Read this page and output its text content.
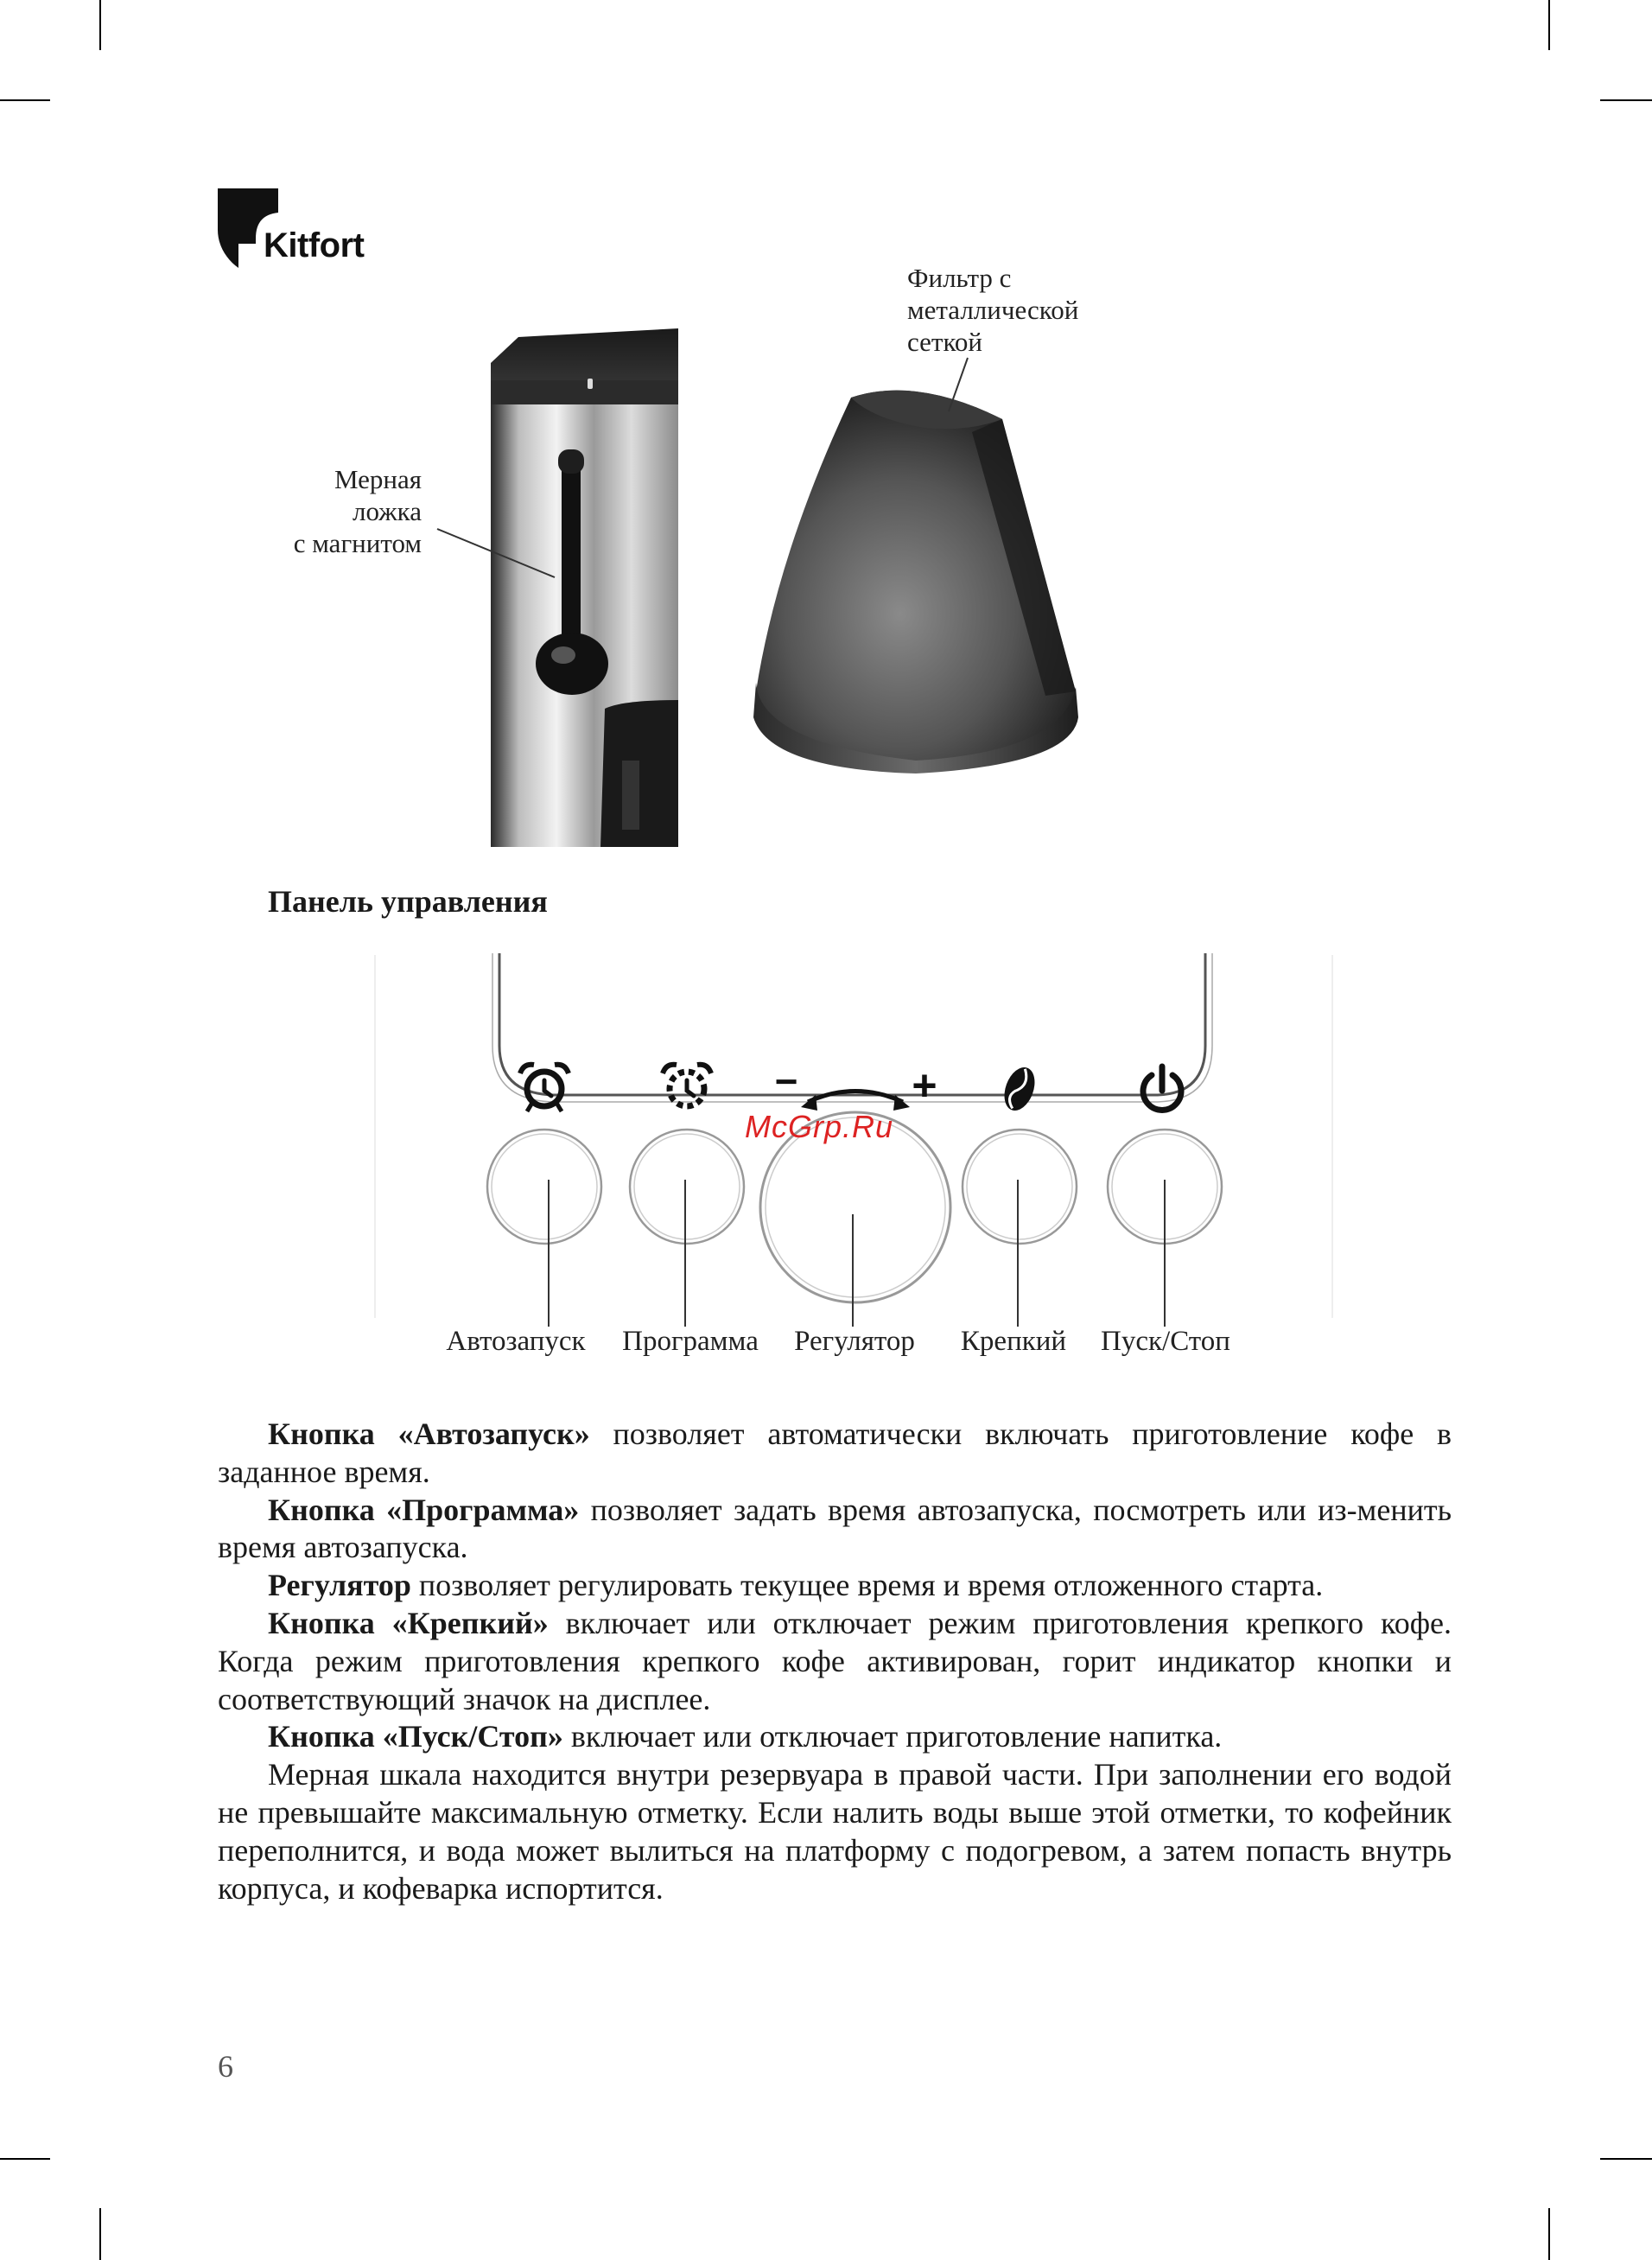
Kitfort
Мерная
ложка
с магнитом
Фильтр с
металлической
сеткой
Панель управления
−	+
McGrp.Ru
Автозапуск Программа Регулятор Крепкий Пуск/Стоп

Кнопка «Автозапуск» позволяет автоматически включать приготовление кофе в заданное время.

Кнопка «Программа» позволяет задать время автозапуска, посмотреть или из-менить время автозапуска.

Регулятор позволяет регулировать текущее время и время отложенного старта.

Кнопка «Крепкий» включает или отключает режим приготовления крепкого кофе. Когда режим приготовления крепкого кофе активирован, горит индикатор кнопки и соответствующий значок на дисплее.

Кнопка «Пуск/Стоп» включает или отключает приготовление напитка.

Мерная шкала находится внутри резервуара в правой части. При заполнении его водой не превышайте максимальную отметку. Если налить воды выше этой отметки, то кофейник переполнится, и вода может вылиться на платформу с подогревом, а затем попасть внутрь корпуса, и кофеварка испортится.

6
